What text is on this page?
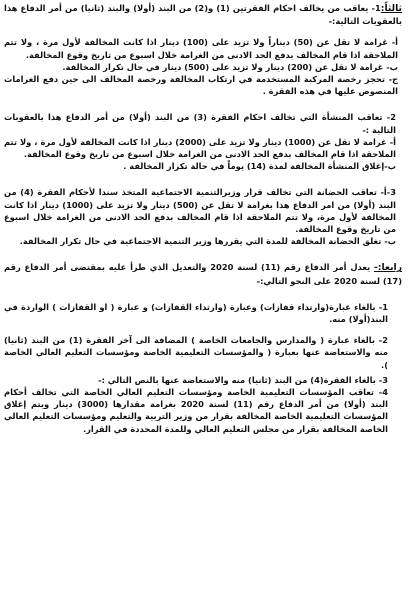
ثالثاً:1- يعاقب من يخالف احكام الفقرتين (1) و(2) من البند (أولا) والبند (ثانيا) من أمر الدفاع هذا بالعقوبات التالية:-

أ- غرامة لا تقل عن (50) ديناراً ولا تزيد على (100) دينار اذا كانت المخالفة لأول مرة ، ولا تتم الملاحقة اذا قام المخالف بدفع الحد الادنى من الغرامة خلال اسبوع من تاريخ وقوع المخالفة.

ب- غرامة لا تقل عن (200) دينار ولا تزيد على (500) دينار في حال تكرار المخالفة.

ج- تحجز رخصة المركبة المستخدمة في ارتكاب المخالفة ورخصة المخالف الى حين دفع الغرامات المنصوص عليها في هذه الفقرة .

2- تعاقب المنشأة التي تخالف احكام الفقرة (3) من البند (أولا) من أمر الدفاع هذا بالعقوبات التالية :-

أ- غرامة لا تقل عن (1000) دينار ولا تزيد على (2000) دينار اذا كانت المخالفة لأول مرة ، ولا تتم الملاحقة اذا قام المخالف بدفع الحد الادنى من الغرامة خلال اسبوع من تاريخ وقوع المخالفة.

ب-إغلاق المنشأة المخالفة لمدة (14) يوماً في حالة تكرار المخالفة .

3-أ- تعاقب الحضانة التي تخالف قرار وزيرالتنمية الاجتماعية المتخذ سندا لأحكام الفقرة (4) من البند (أولا) من امر الدفاع هذا بغرامة لا تقل عن (500) دينار ولا تزيد على (1000) دينار اذا كانت المخالفة لأول مرة، ولا تتم الملاحقة اذا قام المخالف بدفع الحد الادنى من الغرامة خلال اسبوع من تاريخ وقوع المخالفة.

ب- تغلق الحضانة المخالفة للمدة التي يقررها وزير التنمية الاجتماعية في حال تكرار المخالفة.

رابعا:- يعدل أمر الدفاع رقم (11) لسنة 2020 والتعديل الذي طرأ عليه بمقتضى أمر الدفاع رقم (17) لسنة 2020 على النحو التالي:-

1- بالغاء عبارة(وارتداء قفازات) وعبارة (وارتداء القفازات) و عبارة ( او القفازات ) الواردة في البند(أولا) منه.

2- بالغاء عبارة ( والمدارس والجامعات الخاصة ) المضافة الى آخر الفقرة (1) من البند (ثانيا) منه والاستعاضة عنها بعبارة ( والمؤسسات التعليمية الخاصة ومؤسسات التعليم العالي الخاصة ).

3- بالغاء الفقرة(4) من البند (ثانيا) منه والاستعاضة عنها بالنص التالي :-

4- تعاقب المؤسسات التعليمية الخاصة ومؤسسات التعليم العالي الخاصة التي تخالف أحكام البند (أولا) من أمر الدفاع رقم (11) لسنة 2020 بغرامة مقدارها (3000) دينار ويتم إغلاق المؤسسات التعليمية الخاصة المخالفة بقرار من وزير التربية والتعليم ومؤسسات التعليم العالي الخاصة المخالفة بقرار من مجلس التعليم العالي وللمدة المحددة في القرار.
